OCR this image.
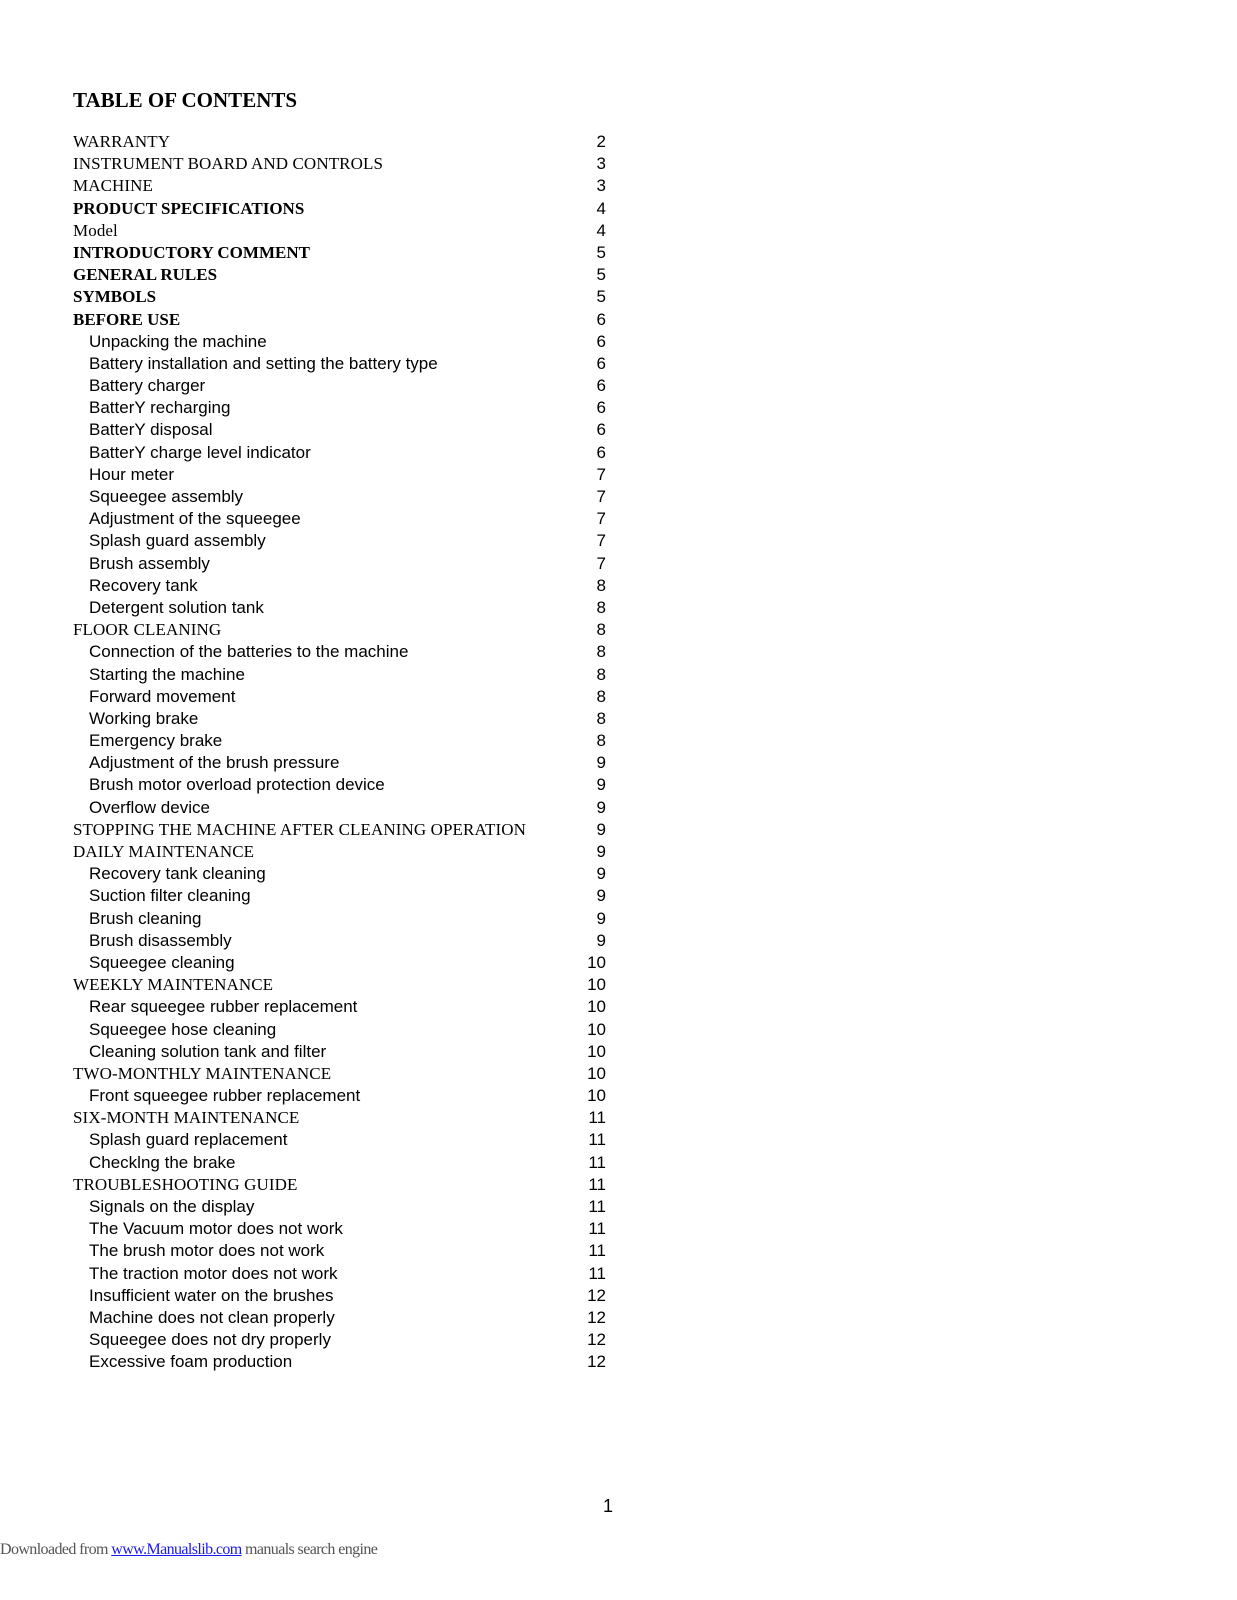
TABLE OF CONTENTS
WARRANTY	2
INSTRUMENT BOARD AND CONTROLS	3
MACHINE	3
PRODUCT SPECIFICATIONS	4
Model	4
INTRODUCTORY COMMENT	5
GENERAL RULES	5
SYMBOLS	5
BEFORE USE	6
Unpacking the machine	6
Battery installation and setting the battery type	6
Battery charger	6
BatterY recharging	6
BatterY disposal	6
BatterY charge level indicator	6
Hour meter	7
Squeegee assembly	7
Adjustment of the squeegee	7
Splash guard assembly	7
Brush assembly	7
Recovery tank	8
Detergent solution tank	8
FLOOR CLEANING	8
Connection of the batteries to the machine	8
Starting the machine	8
Forward movement	8
Working brake	8
Emergency brake	8
Adjustment of the brush pressure	9
Brush motor overload protection device	9
Overflow device	9
STOPPING THE MACHINE AFTER CLEANING OPERATION	9
DAILY MAINTENANCE	9
Recovery tank cleaning	9
Suction filter cleaning	9
Brush cleaning	9
Brush disassembly	9
Squeegee cleaning	10
WEEKLY MAINTENANCE	10
Rear squeegee rubber replacement	10
Squeegee hose cleaning	10
Cleaning solution tank and filter	10
TWO-MONTHLY MAINTENANCE	10
Front squeegee rubber replacement	10
SIX-MONTH MAINTENANCE	11
Splash guard replacement	11
Checklng the brake	11
TROUBLESHOOTING GUIDE	11
Signals on the display	11
The Vacuum motor does not work	11
The brush motor does not work	11
The traction motor does not work	11
Insufficient water on the brushes	12
Machine does not clean properly	12
Squeegee does not dry properly	12
Excessive foam production	12
1
Downloaded from www.Manualslib.com manuals search engine
